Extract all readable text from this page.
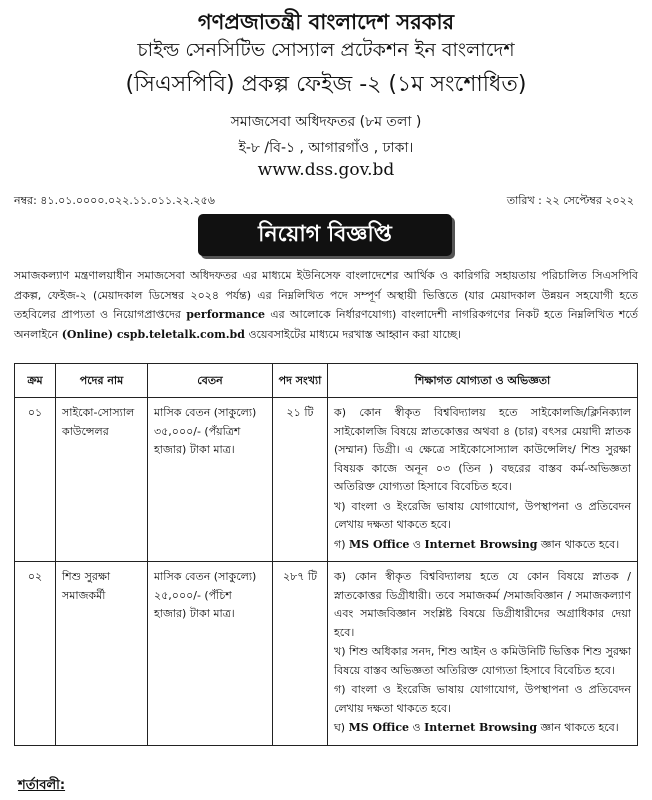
গণপ্রজাতন্ত্রী বাংলাদেশ সরকার
চাইল্ড সেনসিটিভ সোস্যাল প্রটেকশন ইন বাংলাদেশ
(সিএসপিবি) প্রকল্প ফেইজ -২ (১ম সংশোধিত)
সমাজসেবা অধিদফতর (৮ম তলা )
ই-৮ /বি-১ , আগারগাঁও , ঢাকা।
www.dss.gov.bd
নম্বর: ৪১.০১.০০০০.০২২.১১.০১১.২২.২৫৬	তারিখ : ২২ সেপ্টেম্বর ২০২২
নিয়োগ বিজ্ঞপ্তি
সমাজকল্যাণ মন্ত্রণালয়াধীন সমাজসেবা অধিদফতর এর মাধ্যমে ইউনিসেফ বাংলাদেশের আর্থিক ও কারিগরি সহায়তায় পরিচালিত সিএসপিবি প্রকল্প, ফেইজ-২ (মেয়াদকাল ডিসেম্বর ২০২৪ পর্যন্ত) এর নিম্নলিখিত পদে সম্পূর্ণ অস্থায়ী ভিত্তিতে (যার মেয়াদকাল উন্নয়ন সহযোগী হতে তহবিলের প্রাপ্যতা ও নিয়োগপ্রাপ্তদের performance এর আলোকে নির্ধারণযোগ্য) বাংলাদেশী নাগরিকগণের নিকট হতে নিম্নলিখিত শর্তে অনলাইনে (Online) cspb.teletalk.com.bd ওয়েবসাইটের মাধ্যমে দরখাস্ত আহ্বান করা যাচ্ছে।
ক্রম	পদের নাম	বেতন	পদ সংখ্যা	শিক্ষাগত যোগ্যতা ও অভিজ্ঞতা
০১	সাইকো-সোস্যাল কাউন্সেলর	মাসিক বেতন (সাকুল্যে) ৩৫,০০০/- (পঁয়ত্রিশ হাজার) টাকা মাত্র।	২১ টি	ক) কোন স্বীকৃত বিশ্ববিদ্যালয় হতে সাইকোলজি/ক্লিনিক্যাল সাইকোলজি বিষয়ে স্নাতকোত্তর অথবা ৪ (চার) বৎসর মেয়াদী স্নাতক (সম্মান) ডিগ্রী। এ ক্ষেত্রে সাইকোসোস্যাল কাউন্সেলিং/ শিশু সুরক্ষা বিষয়ক কাজে অনূন ০৩ (তিন ) বছরের বাস্তব কর্ম-অভিজ্ঞতা অতিরিক্ত যোগ্যতা হিসাবে বিবেচিত হবে।

খ) বাংলা ও ইংরেজি ভাষায় যোগাযোগ, উপস্থাপনা ও প্রতিবেদন লেখায় দক্ষতা থাকতে হবে।

গ) MS Office ও Internet Browsing জ্ঞান থাকতে হবে।

০২	শিশু সুরক্ষা সমাজকর্মী	মাসিক বেতন (সাকুল্যে) ২৫,০০০/- (পঁচিশ হাজার) টাকা মাত্র।	২৮৭ টি	ক) কোন স্বীকৃত বিশ্ববিদ্যালয় হতে যে কোন বিষয়ে স্নাতক / স্নাতকোত্তর ডিগ্রীধারী। তবে সমাজকর্ম /সমাজবিজ্ঞান / সমাজকল্যাণ এবং সমাজবিজ্ঞান সংশ্লিষ্ট বিষয়ে ডিগ্রীধারীদের অগ্রাধিকার দেয়া হবে।

খ) শিশু অধিকার সনদ, শিশু আইন ও কমিউনিটি ভিত্তিক শিশু সুরক্ষা বিষয়ে বাস্তব অভিজ্ঞতা অতিরিক্ত যোগ্যতা হিসাবে বিবেচিত হবে।

গ) বাংলা ও ইংরেজি ভাষায় যোগাযোগ, উপস্থাপনা ও প্রতিবেদন লেখায় দক্ষতা থাকতে হবে।

ঘ) MS Office ও Internet Browsing জ্ঞান থাকতে হবে।

শর্তাবলী:
